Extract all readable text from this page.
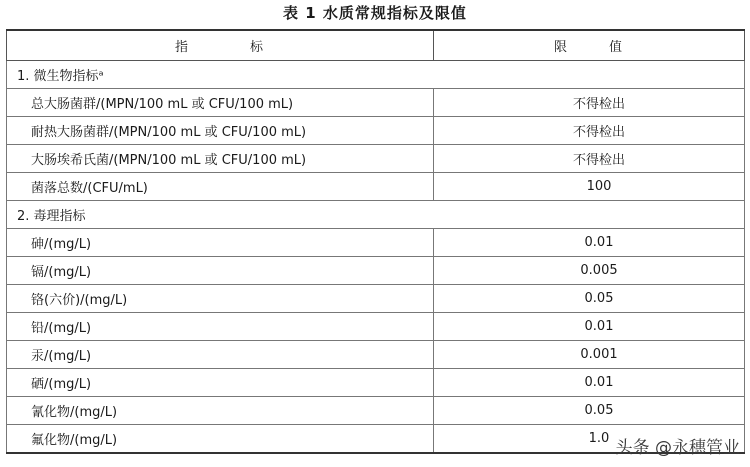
表 1 水质常规指标及限值
指 标	限 值
1. 微生物指标ᵃ	
总大肠菌群/(MPN/100 mL 或 CFU/100 mL)	不得检出
耐热大肠菌群/(MPN/100 mL 或 CFU/100 mL)	不得检出
大肠埃希氏菌/(MPN/100 mL 或 CFU/100 mL)	不得检出
菌落总数/(CFU/mL)	100
2. 毒理指标	
砷/(mg/L)	0.01
镉/(mg/L)	0.005
铬(六价)/(mg/L)	0.05
铅/(mg/L)	0.01
汞/(mg/L)	0.001
硒/(mg/L)	0.01
氰化物/(mg/L)	0.05
氟化物/(mg/L)	1.0 头条 @永穗管业
